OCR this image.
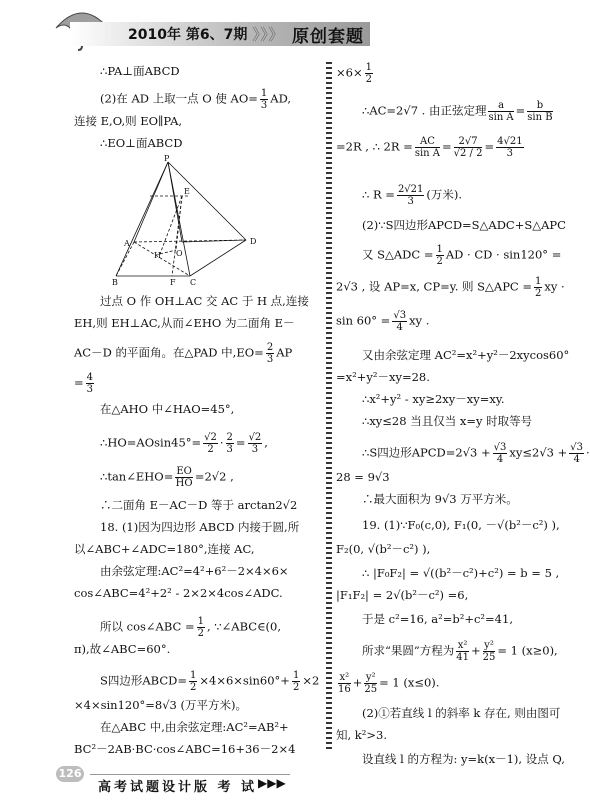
2010年 第6、7期 》》》 原创套题
∴PA⊥面ABCD
(2)在 AD 上取一点 O 使 $AO= \frac{1}{3}$ AD,
连接 E,O,则 EO∥PA,
∴EO⊥面ABCD
P
E
A	D
B	C
F
O
H
过点 O 作 OH⊥AC 交 AC 于 H 点,连接
EH,则 EH⊥AC,从而∠EHO 为二面角 E－
AC－D 的平面角。在△PAD 中$,EO= \frac{2}{3}$ AP
= $\frac{4}{3}$
在△AHO 中∠HAO=45°,
∴HO=AOsin45°= $\frac{√2}{2} \cdot \frac{2}{3} = \frac{√2}{3}$ ,
∴tan∠EHO= $\frac{EO}{HO} =2√2$ ,
∴二面角 E－AC－D 等于 arctan2√2
18. (1)因为四边形 ABCD 内接于圆,所
以∠ABC+∠ADC=180°,连接 AC,
由余弦定理:AC²=4²+6²－2×4×6×
cos∠ABC=4²+2² - 2×2×4cos∠ADC.
所以 cos∠ABC = $\frac{1}{2}$ , ∵∠ABC∈(0,
π),故∠ABC=60°.
S四边形ABCD= $\frac{1}{2} \times 4\times 6\times\sin 60^\circ+ \frac{1}{2} \times 2$
×4×sin120°=8√3 (万平方米)。
在△ABC 中,由余弦定理:AC²=AB²+
BC²－2AB·BC·cos∠ABC=16+36－2×4
$\times 6\times \frac{1}{2}$
∴AC=2√7 . 由正弦定理 $\frac{a}{\text{sin A}} = \frac{b}{\text{sin B}}$
=2R , ∴ $2R = \frac{AC}{\text{sin A}} = \frac{2√7}{√2 / 2} = \frac{4√21}{3}$
∴ $R = \frac{2√21}{3}$ (万米).
(2)∵S四边形APCD=S△ADC+S△APC
又 S△ADC = $\frac{1}{2}$ AD · CD · sin120° =
2√3 , 设 AP=x, CP=y. 则 S△APC = $\frac{1}{2}$ xy ·
$\sin 60^\circ = \frac{√3}{4}$ xy .
又由余弦定理 AC²=x²+y²－2xycos60°
=x²+y²－xy=28.
∴x²+y² - xy≥2xy－xy=xy.
∴xy≤28 当且仅当 x=y 时取等号
∴S四边形APCD=2√3 + $\frac{√3}{4} xy\le 2√3 + \frac{√3}{4}$ ·
28 = 9√3
∴最大面积为 9√3 万平方米。
19. (1)∵F₀(c,0), F₁(0, －√(b²－c²) ),
F₂(0, √(b²－c²) ),
∴ |F₀F₂| = √((b²－c²)+c²) = b = 5 ,
|F₁F₂| = 2√(b²－c²) =6,
于是 c²=16, a²=b²+c²=41,
所求“果圆”方程为 $\frac{\text{x²}}{41} + \frac{\text{y²}}{25} = 1$ (x≥0),
$\frac{\text{x²}}{16} + \frac{\text{y²}}{25} = 1$ (x≤0).
(2)①若直线 l 的斜率 k 存在, 则由图可
知, k²>3.
设直线 l 的方程为: y=k(x－1), 设点 Q,
126
高考试题设计版 考 试 ▶▶▶
